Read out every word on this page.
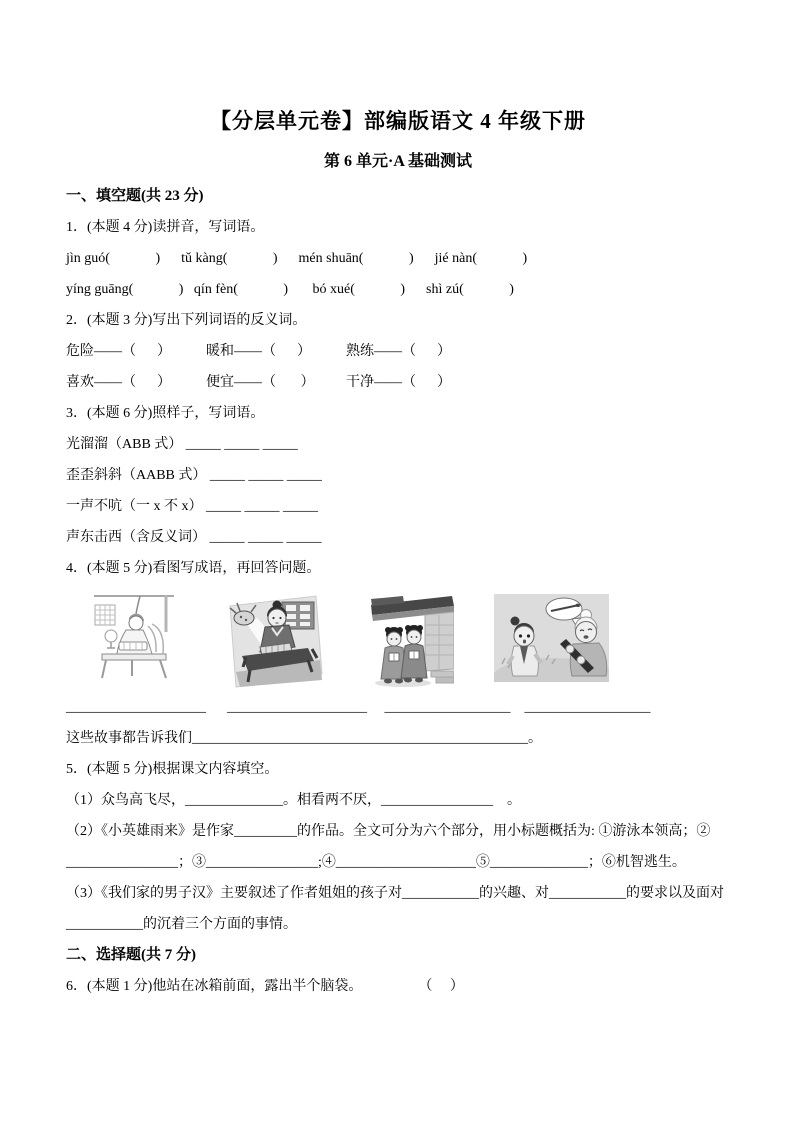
【分层单元卷】部编版语文 4 年级下册
第 6 单元·A 基础测试
一、填空题(共 23 分)
1．(本题 4 分)读拼音，写词语。
jìn guó(             )      tǔ kàng(             )      mén shuān(             )      jié nàn(             )
yíng guāng(             )   qín fèn(             )       bó xué(             )      shì zú(             )
2．(本题 3 分)写出下列词语的反义词。
危险——（      ）          暖和——（      ）          熟练——（      ）
喜欢——（      ）          便宜——（       ）         干净——（      ）
3．(本题 6 分)照样子，写词语。
光溜溜（ABB 式） _____ _____ _____
歪歪斜斜（AABB 式） _____ _____ _____
一声不吭（一 x 不 x） _____ _____ _____
声东击西（含反义词） _____ _____ _____
4．(本题 5 分)看图写成语，再回答问题。
____________________      ____________________     __________________    __________________
这些故事都告诉我们________________________________________________。
5．(本题 5 分)根据课文内容填空。
（1）众鸟高飞尽，______________。相看两不厌，________________　。
（2）《小英雄雨来》是作家_________的作品。全文可分为六个部分，用小标题概括为: ①游泳本领高；②
________________；③________________;④____________________⑤______________；⑥机智逃生。
（3）《我们家的男子汉》主要叙述了作者姐姐的孩子对___________的兴趣、对___________的要求以及面对
___________的沉着三个方面的事情。
二、选择题(共 7 分)
6．(本题 1 分)他站在冰箱前面，露出半个脑袋。                （     ）
